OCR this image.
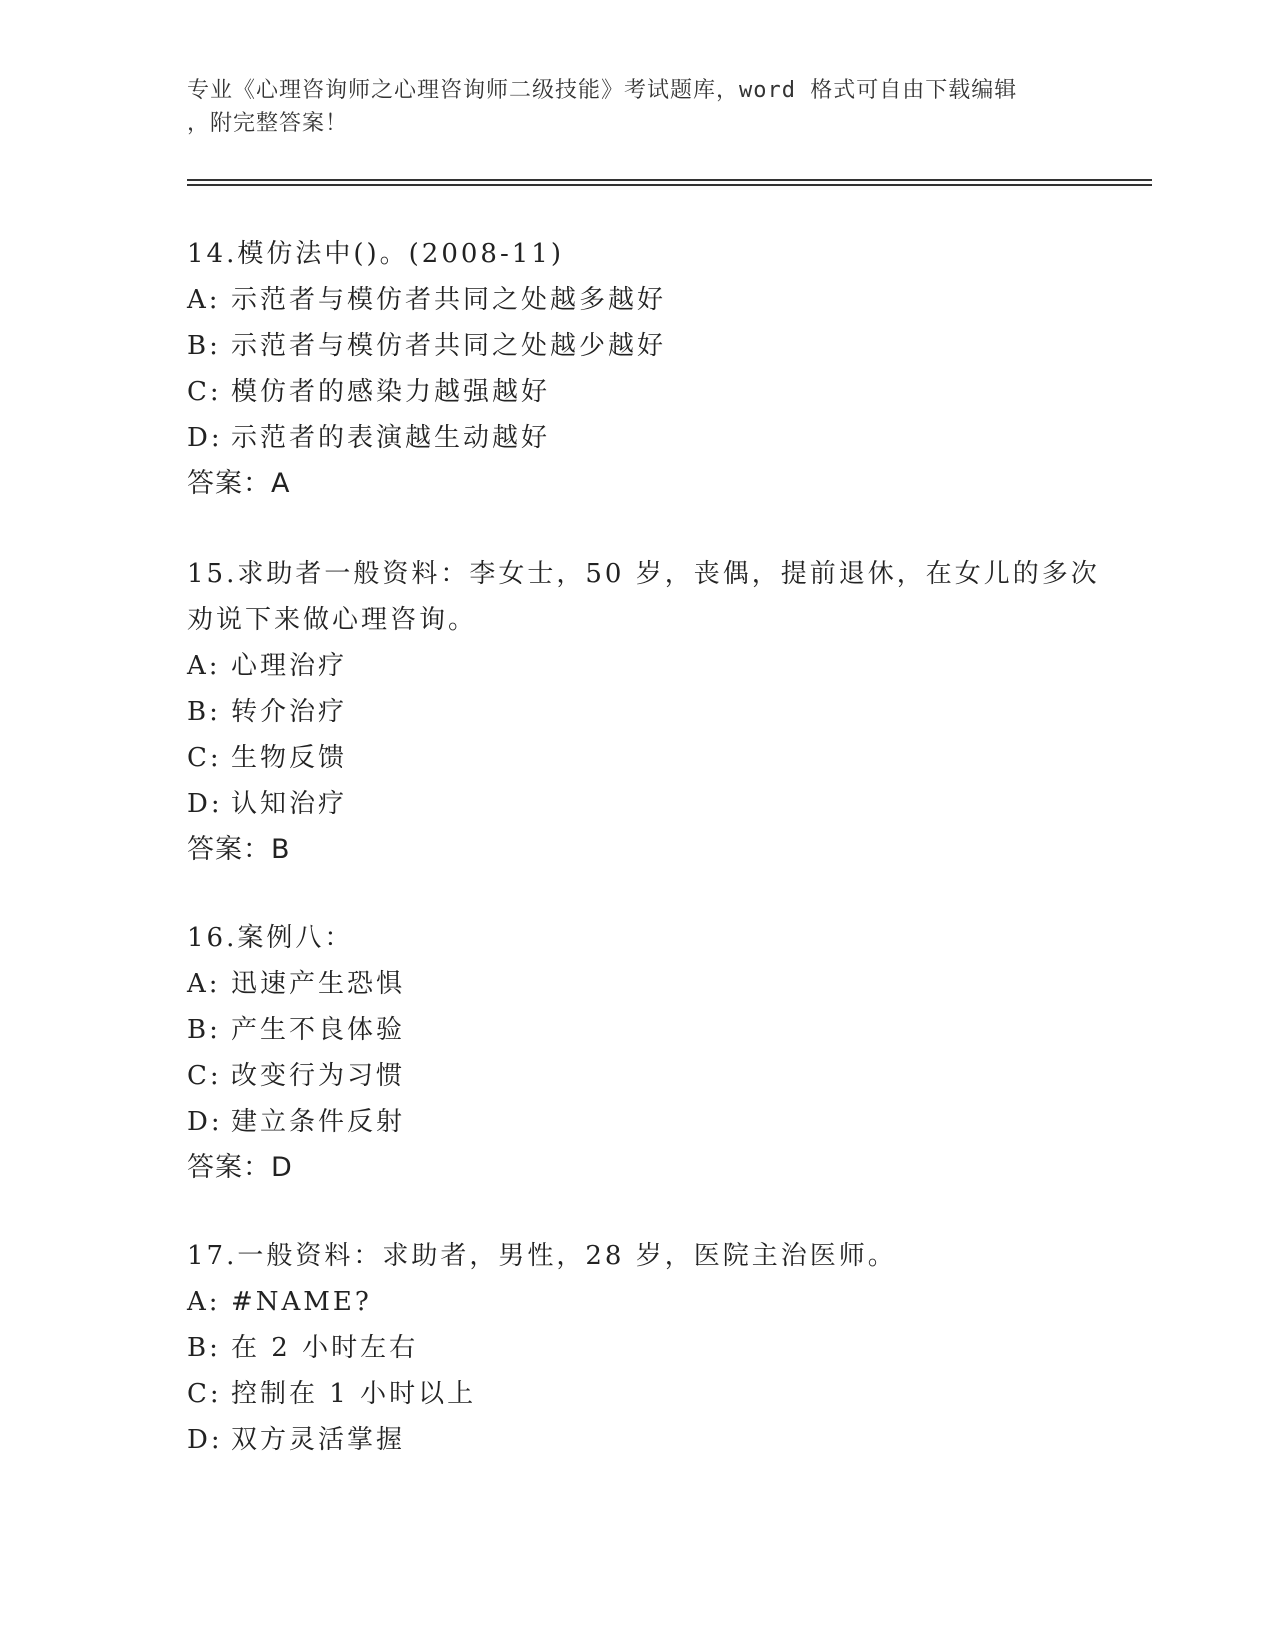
专业《心理咨询师之心理咨询师二级技能》考试题库，word 格式可自由下载编辑
，附完整答案！
14.模仿法中()。(2008-11)
A: 示范者与模仿者共同之处越多越好
B: 示范者与模仿者共同之处越少越好
C: 模仿者的感染力越强越好
D: 示范者的表演越生动越好
答案：A
15.求助者一般资料：李女士，50 岁，丧偶，提前退休，在女儿的多次
劝说下来做心理咨询。
A: 心理治疗
B: 转介治疗
C: 生物反馈
D: 认知治疗
答案：B
16.案例八：
A: 迅速产生恐惧
B: 产生不良体验
C: 改变行为习惯
D: 建立条件反射
答案：D
17.一般资料：求助者，男性，28 岁，医院主治医师。
A: #NAME?
B: 在 2 小时左右
C: 控制在 1 小时以上
D: 双方灵活掌握
